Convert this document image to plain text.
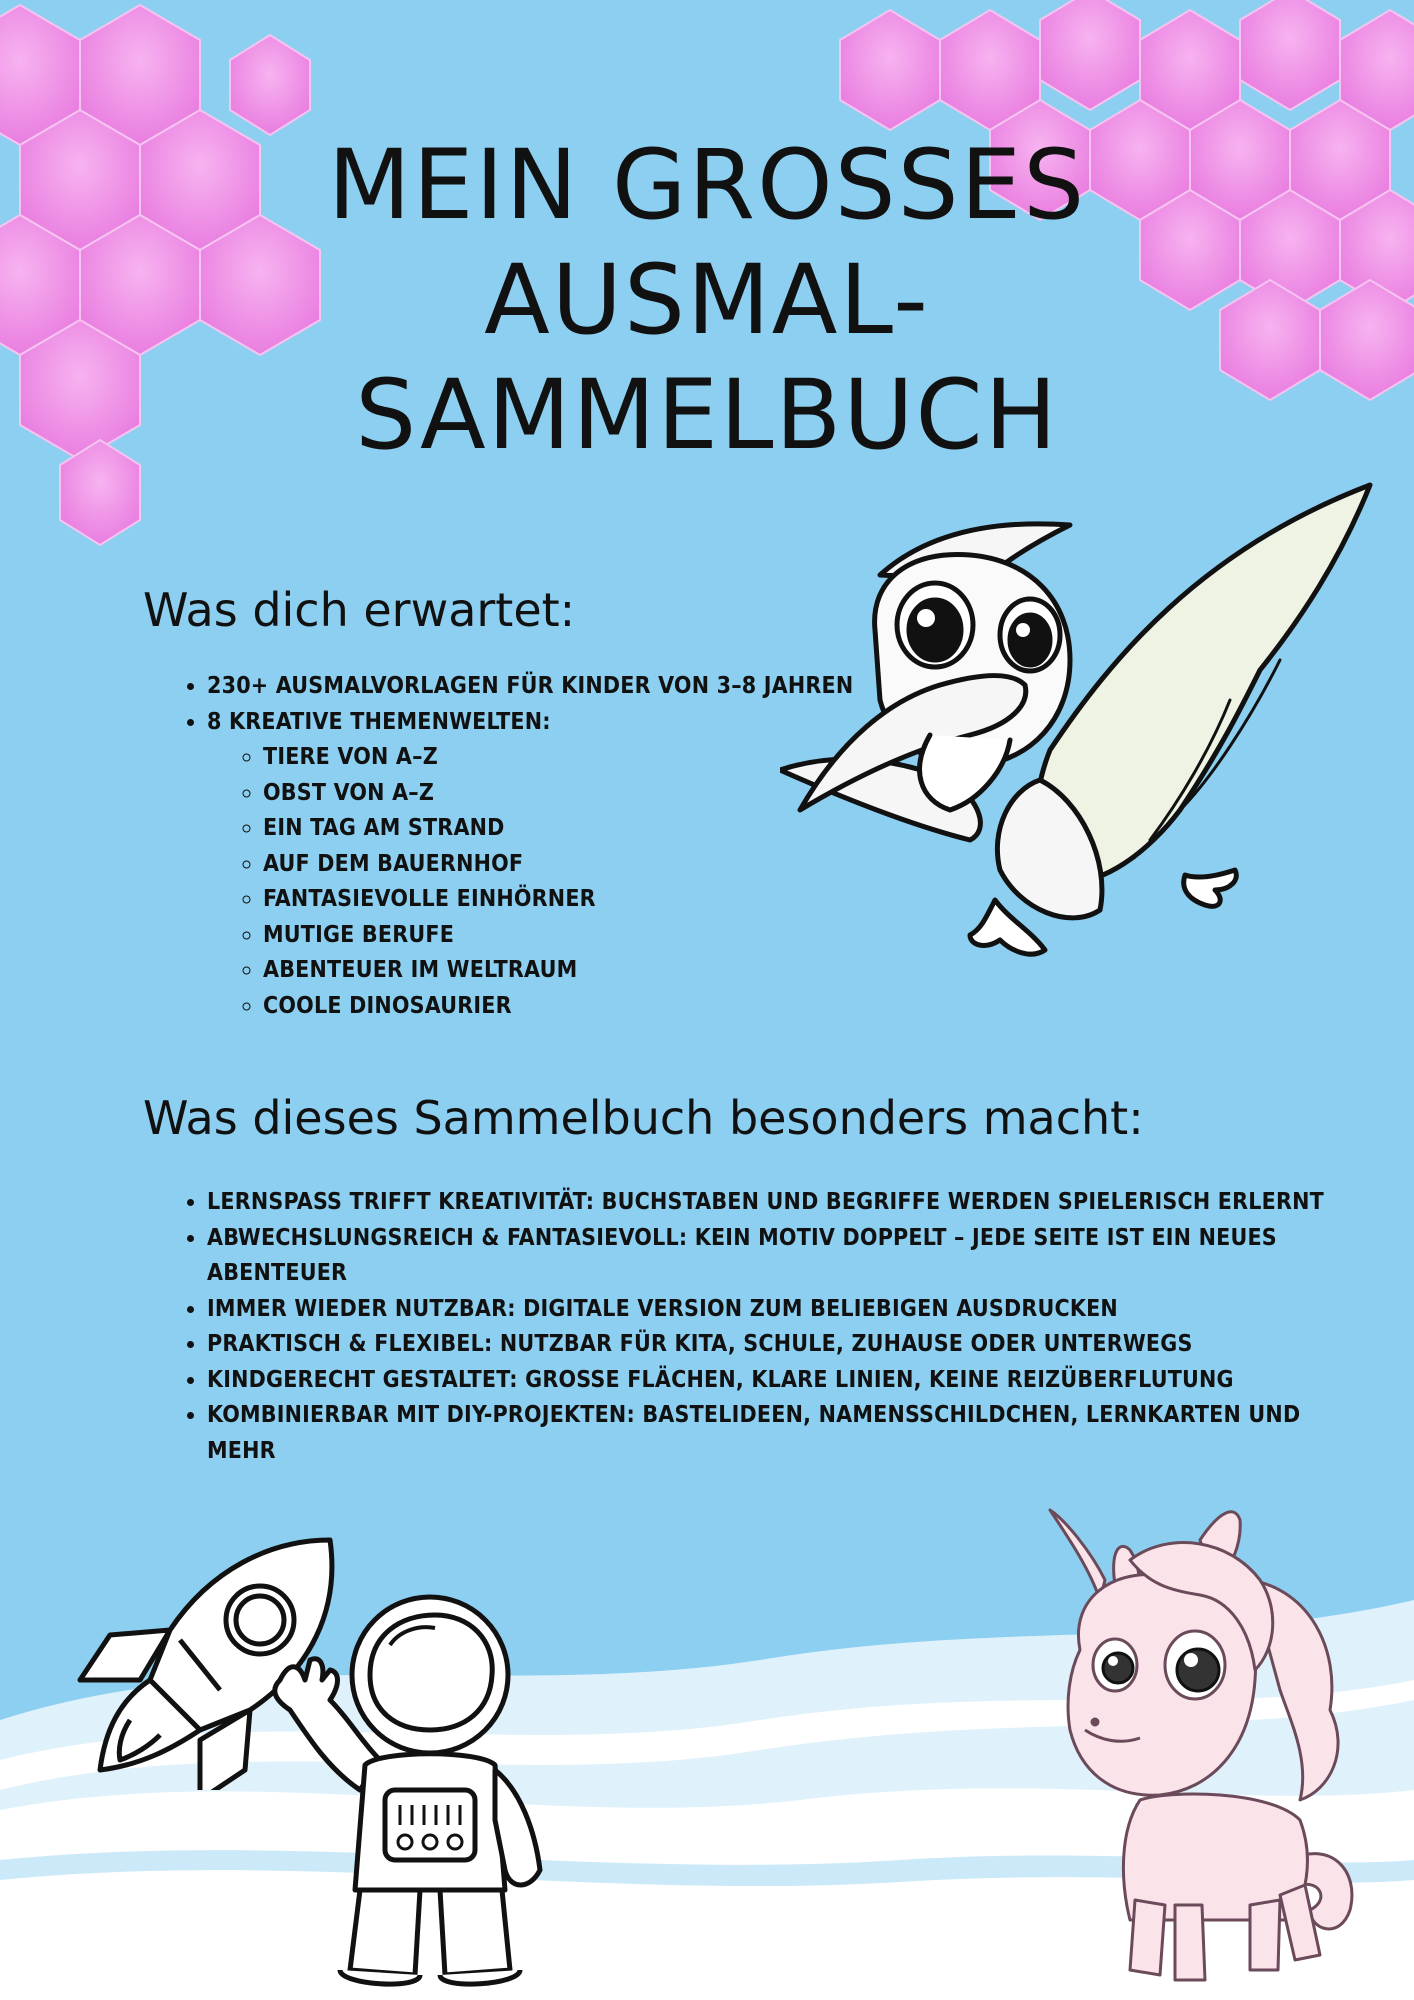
MEIN GROSSES
AUSMAL-
SAMMELBUCH
Was dich erwartet:
• 230+ AUSMALVORLAGEN FÜR KINDER VON 3–8 JAHREN
• 8 KREATIVE THEMENWELTEN:
◦ TIERE VON A–Z
◦ OBST VON A–Z
◦ EIN TAG AM STRAND
◦ AUF DEM BAUERNHOF
◦ FANTASIEVOLLE EINHÖRNER
◦ MUTIGE BERUFE
◦ ABENTEUER IM WELTRAUM
◦ COOLE DINOSAURIER
Was dieses Sammelbuch besonders macht:
• LERNSPASS TRIFFT KREATIVITÄT: BUCHSTABEN UND BEGRIFFE WERDEN SPIELERISCH ERLERNT
• ABWECHSLUNGSREICH & FANTASIEVOLL: KEIN MOTIV DOPPELT – JEDE SEITE IST EIN NEUES ABENTEUER
• IMMER WIEDER NUTZBAR: DIGITALE VERSION ZUM BELIEBIGEN AUSDRUCKEN
• PRAKTISCH & FLEXIBEL: NUTZBAR FÜR KITA, SCHULE, ZUHAUSE ODER UNTERWEGS
• KINDGERECHT GESTALTET: GROSSE FLÄCHEN, KLARE LINIEN, KEINE REIZÜBERFLUTUNG
• KOMBINIERBAR MIT DIY-PROJEKTEN: BASTELIDEEN, NAMENSSCHILDCHEN, LERNKARTEN UND MEHR
